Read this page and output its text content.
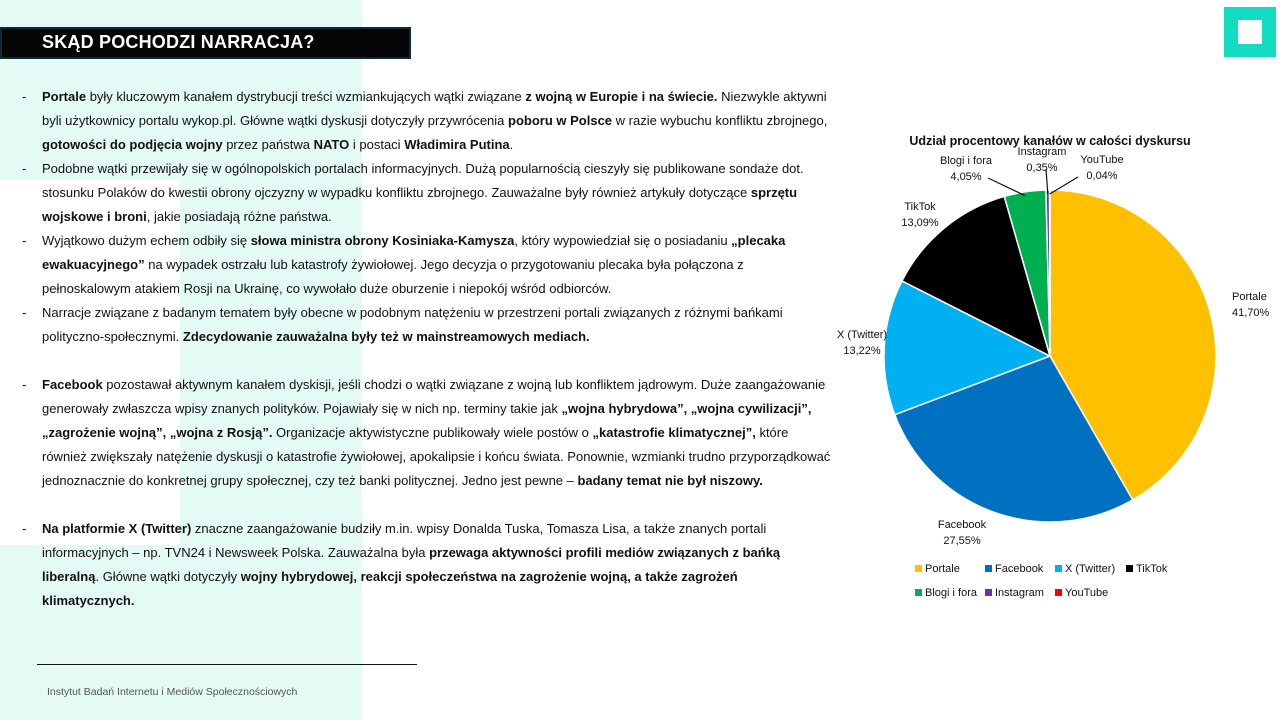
SKĄD POCHODZI NARRACJA?
- Portale były kluczowym kanałem dystrybucji treści wzmiankujących wątki związane z wojną w Europie i na świecie. Niezwykle aktywni byli użytkownicy portalu wykop.pl. Główne wątki dyskusji dotyczyły przywrócenia poboru w Polsce w razie wybuchu konfliktu zbrojnego, gotowości do podjęcia wojny przez państwa NATO i postaci Władimira Putina.
- Podobne wątki przewijały się w ogólnopolskich portalach informacyjnych. Dużą popularnością cieszyły się publikowane sondaże dot. stosunku Polaków do kwestii obrony ojczyzny w wypadku konfliktu zbrojnego. Zauważalne były również artykuły dotyczące sprzętu wojskowe i broni, jakie posiadają różne państwa.
- Wyjątkowo dużym echem odbiły się słowa ministra obrony Kosiniaka-Kamysza, który wypowiedział się o posiadaniu „plecaka ewakuacyjnego” na wypadek ostrzału lub katastrofy żywiołowej. Jego decyzja o przygotowaniu plecaka była połączona z pełnoskalowym atakiem Rosji na Ukrainę, co wywołało duże oburzenie i niepokój wśród odbiorców.
- Narracje związane z badanym tematem były obecne w podobnym natężeniu w przestrzeni portali związanych z różnymi bańkami polityczno-społecznymi. Zdecydowanie zauważalna były też w mainstreamowych mediach.
- Facebook pozostawał aktywnym kanałem dyskisji, jeśli chodzi o wątki związane z wojną lub konfliktem jądrowym. Duże zaangażowanie generowały zwłaszcza wpisy znanych polityków. Pojawiały się w nich np. terminy takie jak „wojna hybrydowa”, „wojna cywilizacji”, „zagrożenie wojną”, „wojna z Rosją”. Organizacje aktywistyczne publikowały wiele postów o „katastrofie klimatycznej”, które również zwiększały natężenie dyskusji o katastrofie żywiołowej, apokalipsie i końcu świata. Ponownie, wzmianki trudno przyporządkować jednoznacznie do konkretnej grupy społecznej, czy też banki politycznej. Jedno jest pewne – badany temat nie był niszowy.
- Na platformie X (Twitter) znaczne zaangażowanie budziły m.in. wpisy Donalda Tuska, Tomasza Lisa, a także znanych portali informacyjnych – np. TVN24 i Newsweek Polska. Zauważalna była przewaga aktywności profili mediów związanych z bańką liberalną. Główne wątki dotyczyły wojny hybrydowej, reakcji społeczeństwa na zagrożenie wojną, a także zagrożeń klimatycznych.
Udział procentowy kanałów w całości dyskursu
Portale
41,70%
Facebook
27,55%
X (Twitter)
13,22%
TikTok
13,09%
Blogi i fora
4,05%
Instagram
0,35%
YouTube
0,04%
Portale	Facebook X (Twitter) TikTok
Blogi i fora Instagram YouTube
Instytut Badań Internetu i Mediów Społecznościowych
